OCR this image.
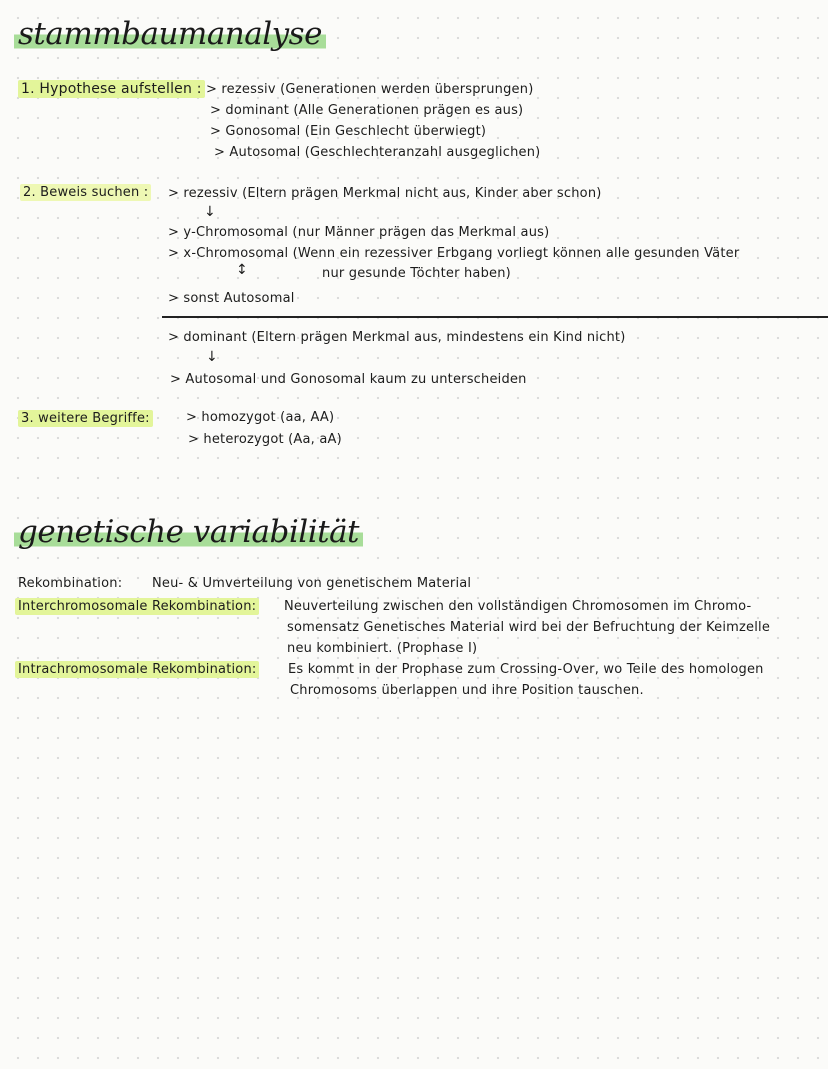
stammbaumanalyse
1. Hypothese aufstellen : > rezessiv (Generationen werden übersprungen)
> dominant (Alle Generationen prägen es aus)
> Gonosomal (Ein Geschlecht überwiegt)
> Autosomal (Geschlechteranzahl ausgeglichen)
2. Beweis suchen : > rezessiv (Eltern prägen Merkmal nicht aus, Kinder aber schon)
↓
> y-Chromosomal (nur Männer prägen das Merkmal aus)
> x-Chromosomal (Wenn ein rezessiver Erbgang vorliegt können alle gesunden Väter
nur gesunde Töchter haben)
↕
> sonst Autosomal
> dominant (Eltern prägen Merkmal aus, mindestens ein Kind nicht)
↓
> Autosomal und Gonosomal kaum zu unterscheiden
3. weitere Begriffe:	> homozygot (aa, AA)
> heterozygot (Aa, aA)
genetische variabilität
Rekombination: Neu- & Umverteilung von genetischem Material
Interchromosomale Rekombination: Neuverteilung zwischen den vollständigen Chromosomen im Chromo-
somensatz Genetisches Material wird bei der Befruchtung der Keimzelle
neu kombiniert. (Prophase I)
Intrachromosomale Rekombination: Es kommt in der Prophase zum Crossing-Over, wo Teile des homologen
Chromosoms überlappen und ihre Position tauschen.
